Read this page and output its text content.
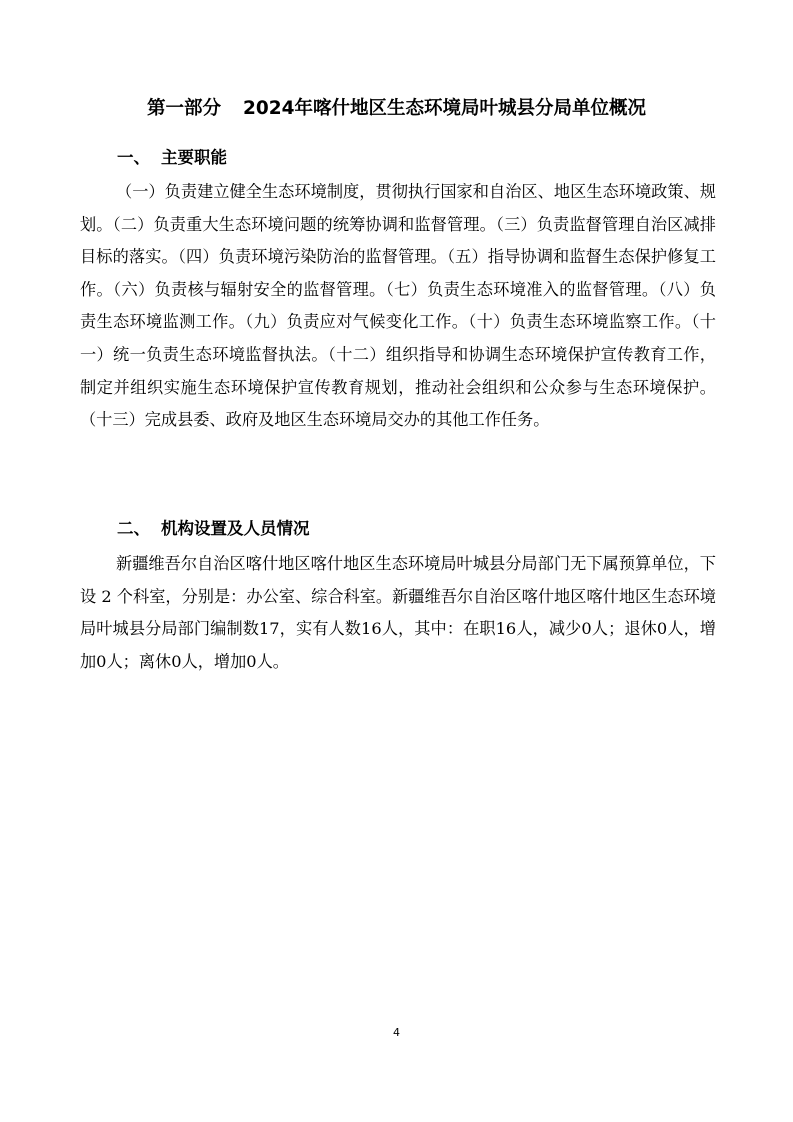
第一部分 2024年喀什地区生态环境局叶城县分局单位概况
一、 主要职能

（一）负责建立健全生态环境制度，贯彻执行国家和自治区、地区生态环境政策、规划。（二）负责重大生态环境问题的统筹协调和监督管理。（三）负责监督管理自治区减排目标的落实。（四）负责环境污染防治的监督管理。（五）指导协调和监督生态保护修复工作。（六）负责核与辐射安全的监督管理。（七）负责生态环境准入的监督管理。（八）负责生态环境监测工作。（九）负责应对气候变化工作。（十）负责生态环境监察工作。（十一）统一负责生态环境监督执法。（十二）组织指导和协调生态环境保护宣传教育工作，制定并组织实施生态环境保护宣传教育规划，推动社会组织和公众参与生态环境保护。 （十三）完成县委、政府及地区生态环境局交办的其他工作任务。

二、 机构设置及人员情况

新疆维吾尔自治区喀什地区喀什地区生态环境局叶城县分局部门无下属预算单位，下设 2 个科室，分别是：办公室、综合科室。新疆维吾尔自治区喀什地区喀什地区生态环境局叶城县分局部门编制数17，实有人数16人，其中：在职16人，减少0人；退休0人，增加0人；离休0人，增加0人。

4
